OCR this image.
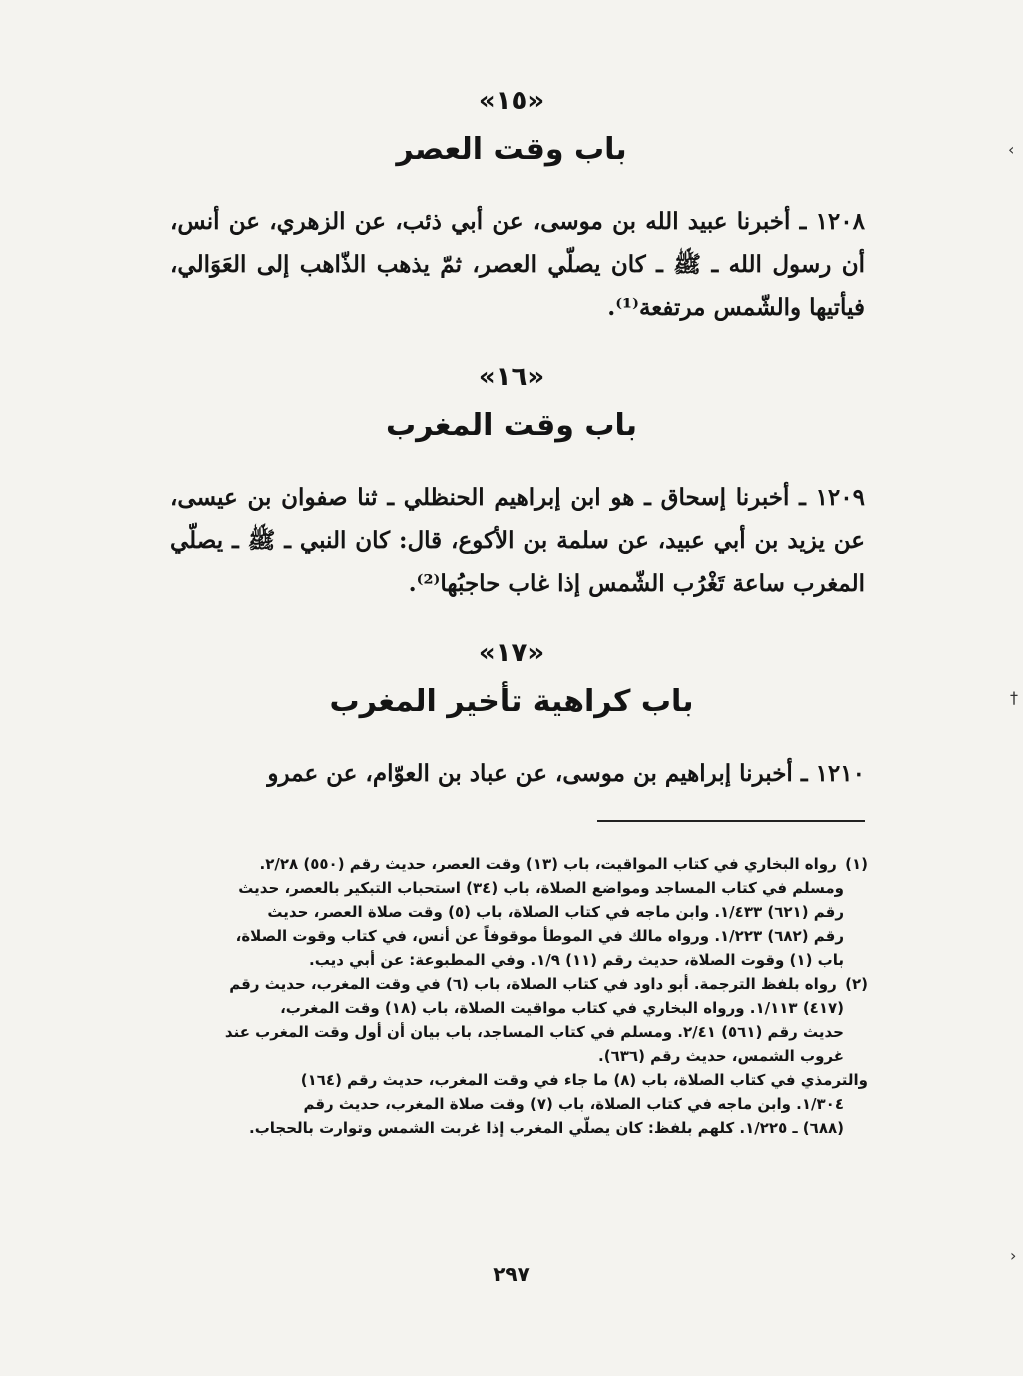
«١٥»
باب وقت العصر
١٢٠٨ ـ أخبرنا عبيد الله بن موسى، عن أبي ذئب، عن الزهري، عن أنس، أن رسول الله ـ ﷺ ـ كان يصلّي العصر، ثمّ يذهب الذّاهب إلى العَوَالي، فيأتيها والشّمس مرتفعة⁽¹⁾.
«١٦»
باب وقت المغرب
١٢٠٩ ـ أخبرنا إسحاق ـ هو ابن إبراهيم الحنظلي ـ ثنا صفوان بن عيسى، عن يزيد بن أبي عبيد، عن سلمة بن الأكوع، قال: كان النبي ـ ﷺ ـ يصلّي المغرب ساعة تَغْرُب الشّمس إذا غاب حاجبُها⁽²⁾.
«١٧»
باب كراهية تأخير المغرب
١٢١٠ ـ أخبرنا إبراهيم بن موسى، عن عباد بن العوّام، عن عمرو

(١) رواه البخاري في كتاب المواقيت، باب (١٣) وقت العصر، حديث رقم (٥٥٠) ٢/٢٨.

ومسلم في كتاب المساجد ومواضع الصلاة، باب (٣٤) استحباب التبكير بالعصر، حديث

رقم (٦٢١) ١/٤٣٣. وابن ماجه في كتاب الصلاة، باب (٥) وقت صلاة العصر، حديث

رقم (٦٨٢) ١/٢٢٣. ورواه مالك في الموطأ موقوفاً عن أنس، في كتاب وقوت الصلاة،

باب (١) وقوت الصلاة، حديث رقم (١١) ١/٩. وفي المطبوعة: عن أبي ديب.

(٢) رواه بلفظ الترجمة. أبو داود في كتاب الصلاة، باب (٦) في وقت المغرب، حديث رقم

(٤١٧) ١/١١٣. ورواه البخاري في كتاب مواقيت الصلاة، باب (١٨) وقت المغرب،

حديث رقم (٥٦١) ٢/٤١. ومسلم في كتاب المساجد، باب بيان أن أول وقت المغرب عند

غروب الشمس، حديث رقم (٦٣٦).

والترمذي في كتاب الصلاة، باب (٨) ما جاء في وقت المغرب، حديث رقم (١٦٤)

١/٣٠٤. وابن ماجه في كتاب الصلاة، باب (٧) وقت صلاة المغرب، حديث رقم

(٦٨٨) ـ ١/٢٢٥. كلهم بلفظ: كان يصلّي المغرب إذا غربت الشمس وتوارت بالحجاب.

٢٩٧
‹
†
›
